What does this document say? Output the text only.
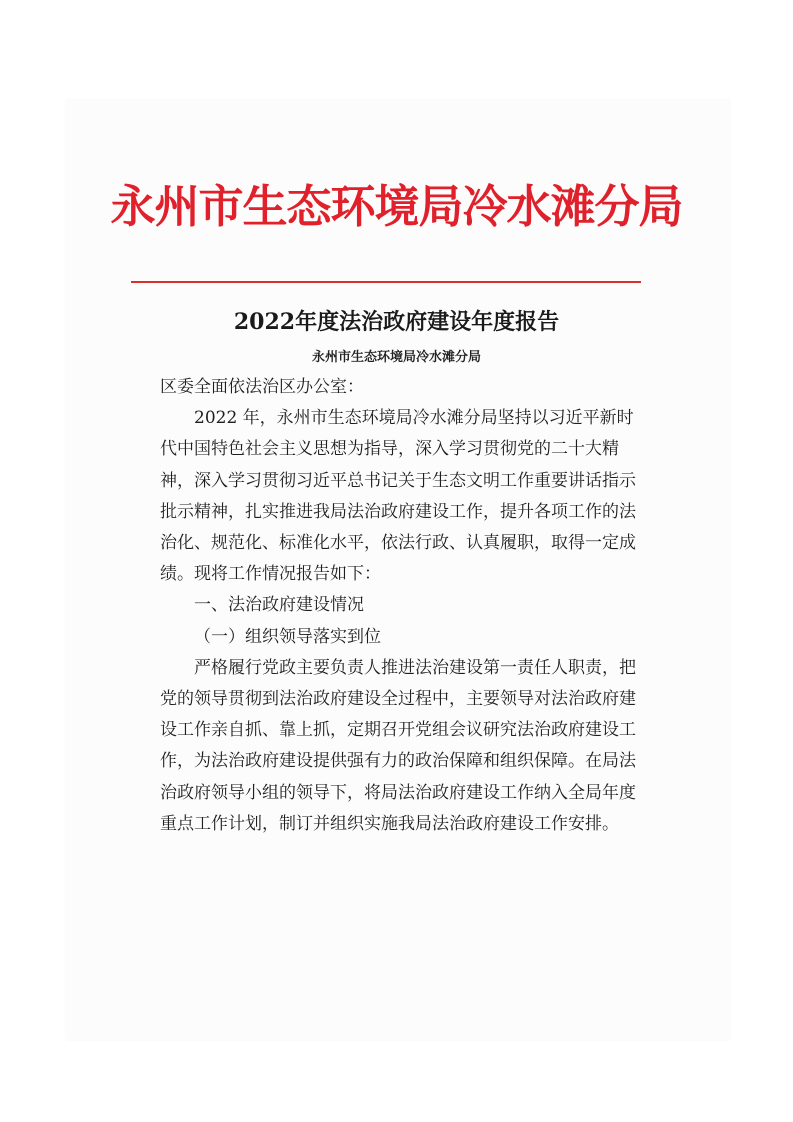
永州市生态环境局冷水滩分局
2022年度法治政府建设年度报告
永州市生态环境局冷水滩分局

区委全面依法治区办公室：

2022 年，永州市生态环境局冷水滩分局坚持以习近平新时代中国特色社会主义思想为指导，深入学习贯彻党的二十大精神，深入学习贯彻习近平总书记关于生态文明工作重要讲话指示批示精神，扎实推进我局法治政府建设工作，提升各项工作的法治化、规范化、标准化水平，依法行政、认真履职，取得一定成绩。现将工作情况报告如下：

一、法治政府建设情况

（一）组织领导落实到位

严格履行党政主要负责人推进法治建设第一责任人职责，把党的领导贯彻到法治政府建设全过程中，主要领导对法治政府建设工作亲自抓、靠上抓，定期召开党组会议研究法治政府建设工作，为法治政府建设提供强有力的政治保障和组织保障。在局法治政府领导小组的领导下，将局法治政府建设工作纳入全局年度重点工作计划，制订并组织实施我局法治政府建设工作安排。
